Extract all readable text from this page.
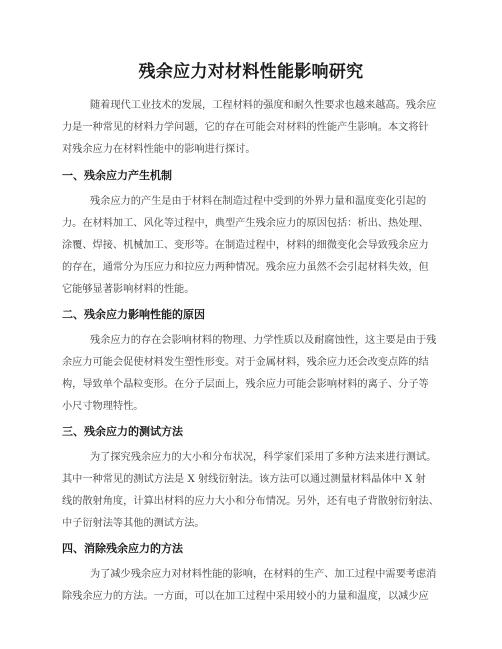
残余应力对材料性能影响研究
随着现代工业技术的发展，工程材料的强度和耐久性要求也越来越高。残余应
力是一种常见的材料力学问题，它的存在可能会对材料的性能产生影响。本文将针
对残余应力在材料性能中的影响进行探讨。
一、残余应力产生机制
残余应力的产生是由于材料在制造过程中受到的外界力量和温度变化引起的
力。在材料加工、风化等过程中，典型产生残余应力的原因包括：析出、热处理、
涂覆、焊接、机械加工、变形等。在制造过程中，材料的细微变化会导致残余应力
的存在，通常分为压应力和拉应力两种情况。残余应力虽然不会引起材料失效，但
它能够显著影响材料的性能。
二、残余应力影响性能的原因
残余应力的存在会影响材料的物理、力学性质以及耐腐蚀性，这主要是由于残
余应力可能会促使材料发生塑性形变。对于金属材料，残余应力还会改变点阵的结
构，导致单个晶粒变形。在分子层面上，残余应力可能会影响材料的离子、分子等
小尺寸物理特性。
三、残余应力的测试方法
为了探究残余应力的大小和分布状况，科学家们采用了多种方法来进行测试。
其中一种常见的测试方法是 X 射线衍射法。该方法可以通过测量材料晶体中 X 射
线的散射角度，计算出材料的应力大小和分布情况。另外，还有电子背散射衍射法、
中子衍射法等其他的测试方法。
四、消除残余应力的方法
为了减少残余应力对材料性能的影响，在材料的生产、加工过程中需要考虑消
除残余应力的方法。一方面，可以在加工过程中采用较小的力量和温度，以减少应
